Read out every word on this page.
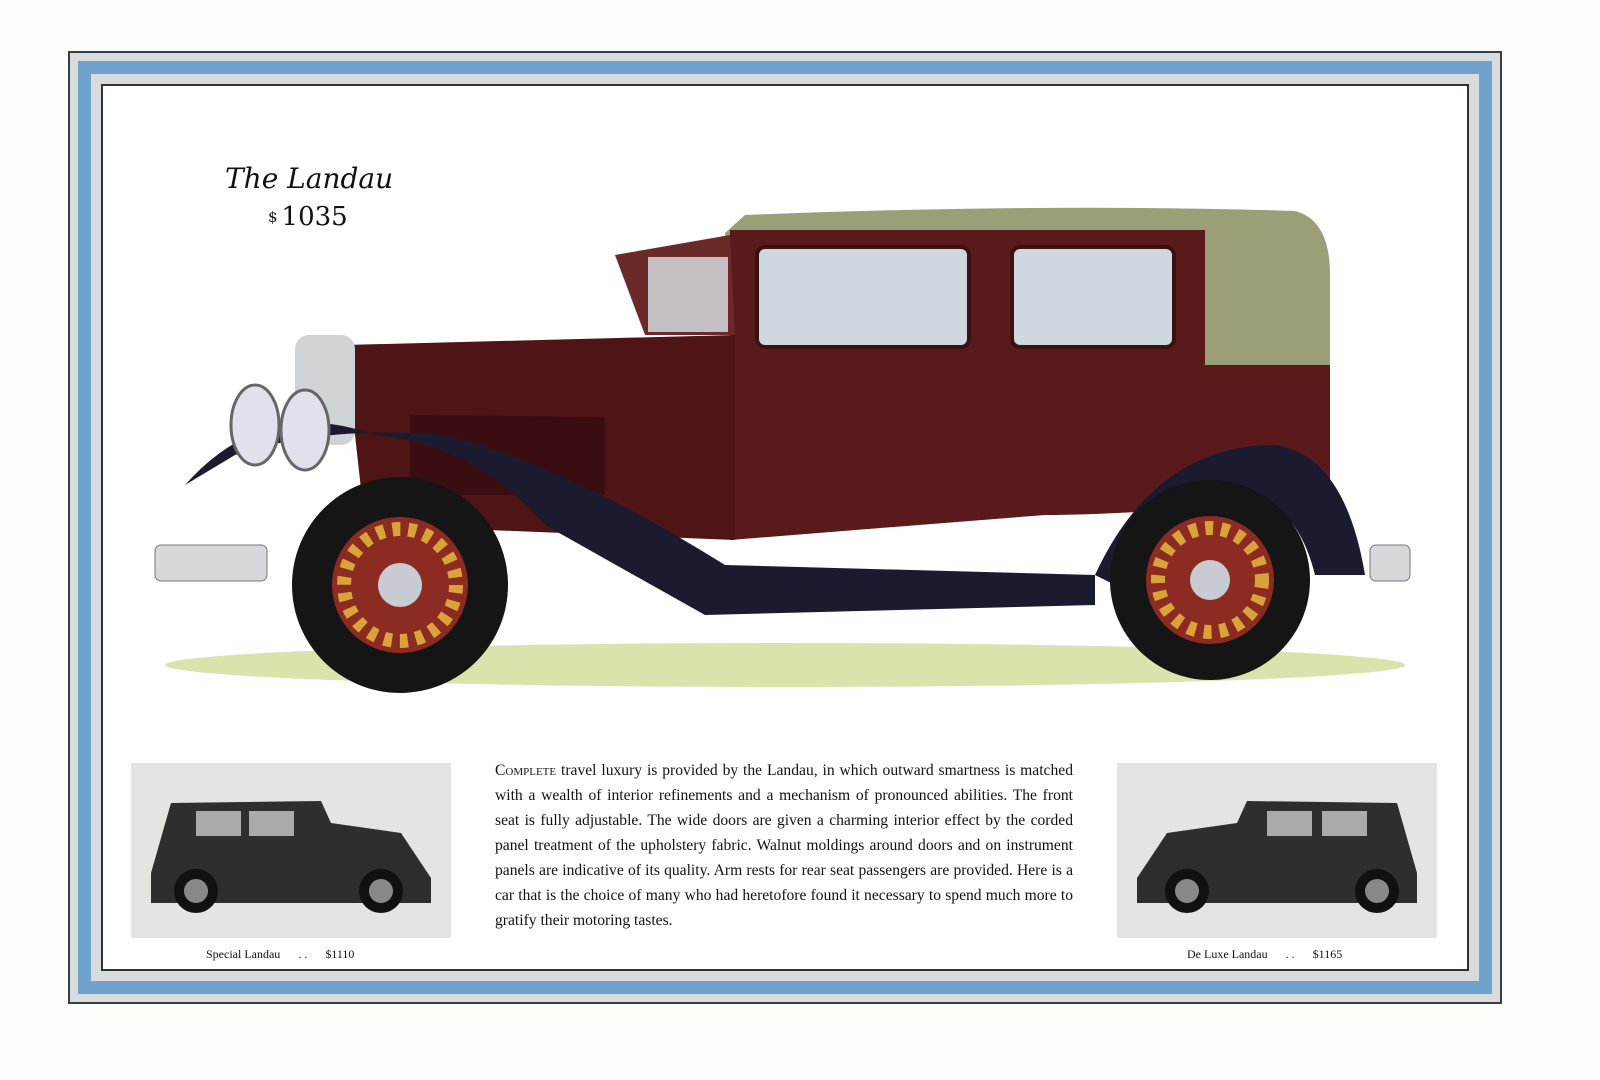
The Landau
$ 1035
Special Landau . . $1110	De Luxe Landau . . $1165
Complete travel luxury is provided by the Landau, in which outward smartness is matched with a wealth of interior refinements and a mechanism of pronounced abilities. The front seat is fully adjustable. The wide doors are given a charming interior effect by the corded panel treatment of the upholstery fabric. Walnut moldings around doors and on instrument panels are indicative of its quality. Arm rests for rear seat passengers are provided. Here is a car that is the choice of many who had heretofore found it necessary to spend much more to gratify their motoring tastes.
